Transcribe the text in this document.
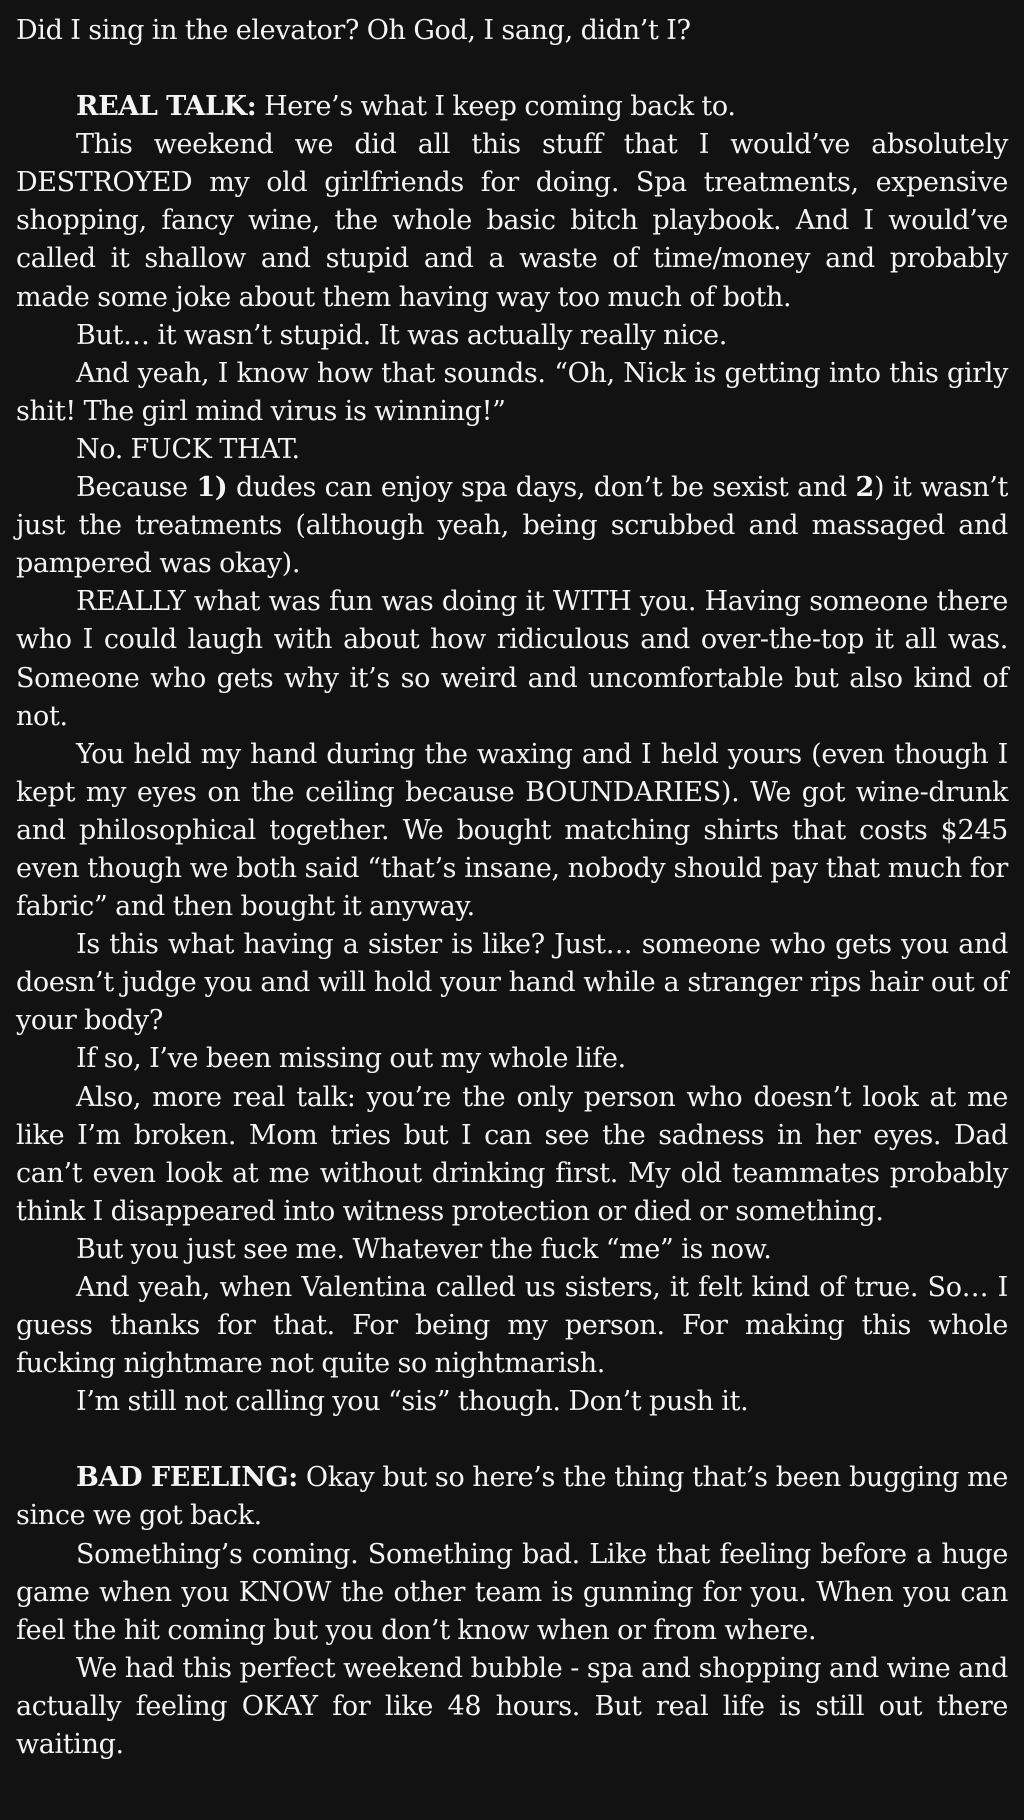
Did I sing in the elevator? Oh God, I sang, didn’t I?

REAL TALK: Here’s what I keep coming back to.

This weekend we did all this stuff that I would’ve absolutely DESTROYED my old girlfriends for doing. Spa treatments, expensive shopping, fancy wine, the whole basic bitch playbook. And I would’ve called it shallow and stupid and a waste of time/money and probably made some joke about them having way too much of both.

But… it wasn’t stupid. It was actually really nice.

And yeah, I know how that sounds. “Oh, Nick is getting into this girly shit! The girl mind virus is winning!”

No. FUCK THAT.

Because 1) dudes can enjoy spa days, don’t be sexist and 2) it wasn’t just the treatments (although yeah, being scrubbed and massaged and pampered was okay).

REALLY what was fun was doing it WITH you. Having someone there who I could laugh with about how ridiculous and over-the-top it all was. Someone who gets why it’s so weird and uncomfortable but also kind of not.

You held my hand during the waxing and I held yours (even though I kept my eyes on the ceiling because BOUNDARIES). We got wine-drunk and philosophical together. We bought matching shirts that costs $245 even though we both said “that’s insane, nobody should pay that much for fabric” and then bought it anyway.

Is this what having a sister is like? Just… someone who gets you and doesn’t judge you and will hold your hand while a stranger rips hair out of your body?

If so, I’ve been missing out my whole life.

Also, more real talk: you’re the only person who doesn’t look at me like I’m broken. Mom tries but I can see the sadness in her eyes. Dad can’t even look at me without drinking first. My old teammates probably think I disappeared into witness protection or died or something.

But you just see me. Whatever the fuck “me” is now.

And yeah, when Valentina called us sisters, it felt kind of true. So… I guess thanks for that. For being my person. For making this whole fucking nightmare not quite so nightmarish.

I’m still not calling you “sis” though. Don’t push it.

BAD FEELING: Okay but so here’s the thing that’s been bugging me since we got back.

Something’s coming. Something bad. Like that feeling before a huge game when you KNOW the other team is gunning for you. When you can feel the hit coming but you don’t know when or from where.

We had this perfect weekend bubble - spa and shopping and wine and actually feeling OKAY for like 48 hours. But real life is still out there waiting.
